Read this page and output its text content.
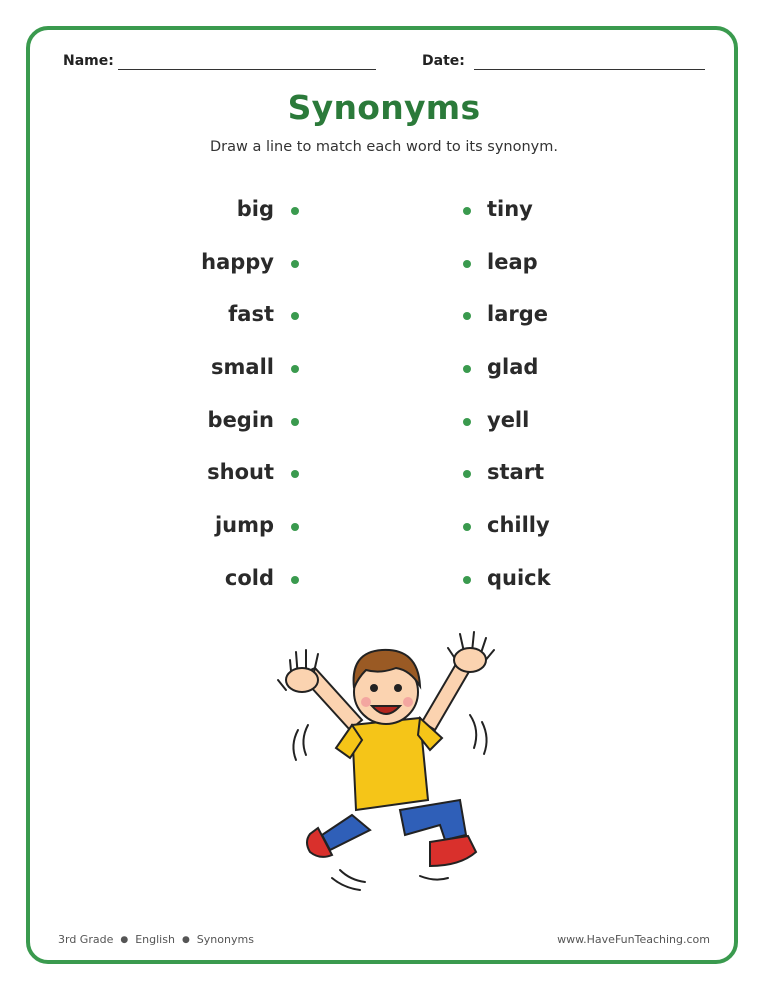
Name:	Date:
Synonyms
Draw a line to match each word to its synonym.
big
happy
fast
small
begin
shout
jump
cold
tiny
leap
large
glad
yell
start
chilly
quick
3rd Grade ● English ● Synonyms	www.HaveFunTeaching.com
